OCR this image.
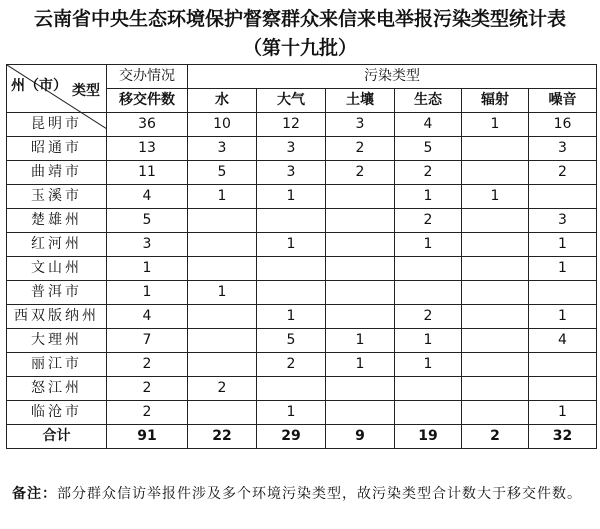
云南省中央生态环境保护督察群众来信来电举报污染类型统计表
（第十九批）
类型
州（市）	交办情况	污染类型					
	移交件数	水	大气	土壤	生态	辐射	噪音
昆明市	36	10	12	3	4	1	16
昭通市	13	3	3	2	5		3
曲靖市	11	5	3	2	2		2
玉溪市	4	1	1		1	1	
楚雄州	5				2		3
红河州	3		1		1		1
文山州	1						1
普洱市	1	1					
西双版纳州	4		1		2		1
大理州	7		5	1	1		4
丽江市	2		2	1	1		
怒江州	2	2					
临沧市	2		1				1
合计	91	22	29	9	19	2	32
备注：部分群众信访举报件涉及多个环境污染类型，故污染类型合计数大于移交件数。
